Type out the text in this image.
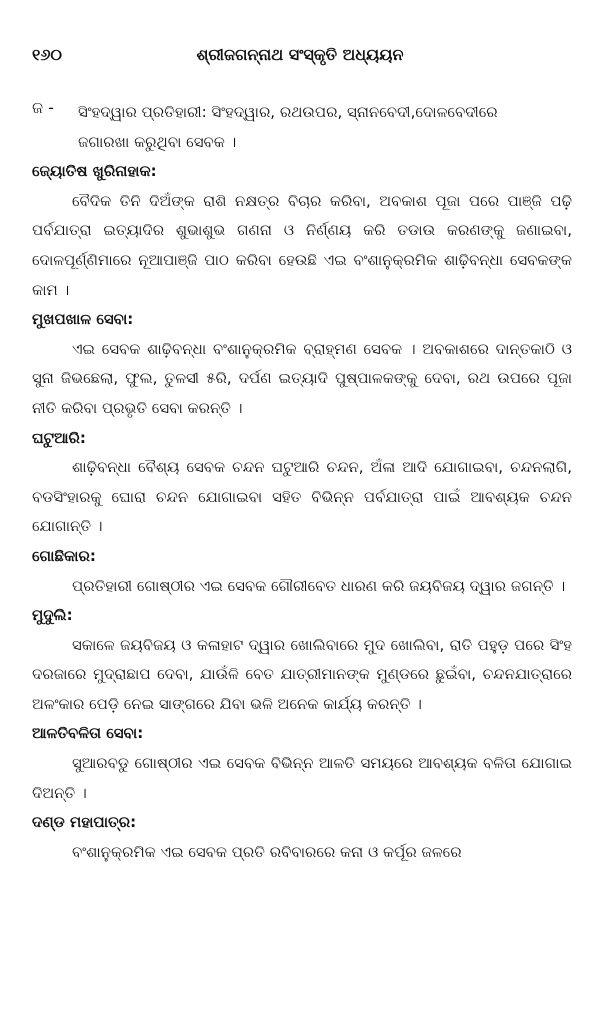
୧୬୦	ଶ୍ରୀଜଗନ୍ନାଥ ସଂସ୍କୃତି ଅଧ୍ୟୟନ
ଜ -	ସିଂହଦ୍ୱାର ପ୍ରତିହାରୀ: ସିଂହଦ୍ୱାର, ରଥଉପର, ସ୍ନାନବେଦୀ,ଦୋଳବେଦୀରେ

ଜଗାରଖା କରୁଥିବା ସେବକ ।

ଜ୍ୟୋତିଷ ଖୁରିନାହାକ:

ବୈଦିକ ତିନି ଦିଅଁଙ୍କ ରାଶି ନକ୍ଷତ୍ର ବିଚାର କରିବା, ଅବକାଶ ପୂଜା ପରେ ପାଞ୍ଜି ପଢ଼ି ପର୍ବଯାତ୍ରା ଇତ୍ୟାଦିର ଶୁଭାଶୁଭ ଗଣନା ଓ ନିର୍ଣ୍ଣୟ କରି ତଡାଉ କରଣଙ୍କୁ ଜଣାଇବା, ଦୋଳପୂର୍ଣ୍ଣିମାରେ ନୂଆପାଞ୍ଜି ପାଠ କରିବା ହେଉଛି ଏଇ ବଂଶାନୁକ୍ରମିକ ଶାଢ଼ିବନ୍ଧା ସେବକଙ୍କ କାମ ।

ମୁଖପଖାଳ ସେବା:

ଏଇ ସେବକ ଶାଢ଼ିବନ୍ଧା ବଂଶାନୁକ୍ରମିକ ବ୍ରାହ୍ମଣ ସେବକ । ଅବକାଶରେ ଦାନ୍ତକାଠି ଓ ସୁନା ଜିଭଛେଲା, ଫୁଲ, ତୁଳସୀ ୫ରି, ଦର୍ପଣ ଇତ୍ୟାଦି ପୁଷ୍ପାଳକଙ୍କୁ ଦେବା, ରଥ ଉପରେ ପୂଜା ନୀତି କରିବା ପ୍ରଭୃତି ସେବା କରନ୍ତି ।

ଘଟୁଆରି:

ଶାଢ଼ିବନ୍ଧା ବୈଶ୍ୟ ସେବକ ଚନ୍ଦନ ଘଟୁଆରି ଚନ୍ଦନ, ଅଁଳା ଆଦି ଯୋଗାଇବା, ଚନ୍ଦନଲାଗି, ବଡସିଂହାରକୁ ଘୋରା ଚନ୍ଦନ ଯୋଗାଇବା ସହିତ ବିଭିନ୍ନ ପର୍ବଯାତ୍ରା ପାଇଁ ଆବଶ୍ୟକ ଚନ୍ଦନ ଯୋଗାନ୍ତି ।

ଗୋଛିକାର:

ପ୍ରତିହାରୀ ଗୋଷ୍ଠୀର ଏଇ ସେବକ ଗୌରୀବେତ ଧାରଣ କରି ଜୟବିଜୟ ଦ୍ୱାର ଜଗନ୍ତି ।

ମୁଦୁଲି:

ସକାଳେ ଜୟବିଜୟ ଓ କଳାହାଟ ଦ୍ୱାର ଖୋଲିବାରେ ମୁଦ ଖୋଲିବା, ରାତି ପହୁଡ଼ ପରେ ସିଂହ ଦରଜାରେ ମୁଦ୍ରାଛାପ ଦେବା, ଯାଉଁଳି ବେତ ଯାତ୍ରୀମାନଙ୍କ ମୁଣ୍ଡରେ ଛୁଇଁବା, ଚନ୍ଦନଯାତ୍ରାରେ ଅଳଂକାର ପେଡ଼ି ନେଇ ସାଙ୍ଗରେ ଯିବା ଭଳି ଅନେକ କାର୍ଯ୍ୟ କରନ୍ତି ।

ଆଳତିବଳିତା ସେବା:

ସୁଆରବଡୁ ଗୋଷ୍ଠୀର ଏଇ ସେବକ ବିଭିନ୍ନ ଆଳତି ସମୟରେ ଆବଶ୍ୟକ ବଳିତା ଯୋଗାଇ ଦିଅନ୍ତି ।

ଦଣ୍ଡ ମହାପାତ୍ର:

ବଂଶାନୁକ୍ରମିକ ଏଇ ସେବକ ପ୍ରତି ରବିବାରରେ କନା ଓ କର୍ପୂର ଜଳରେ
